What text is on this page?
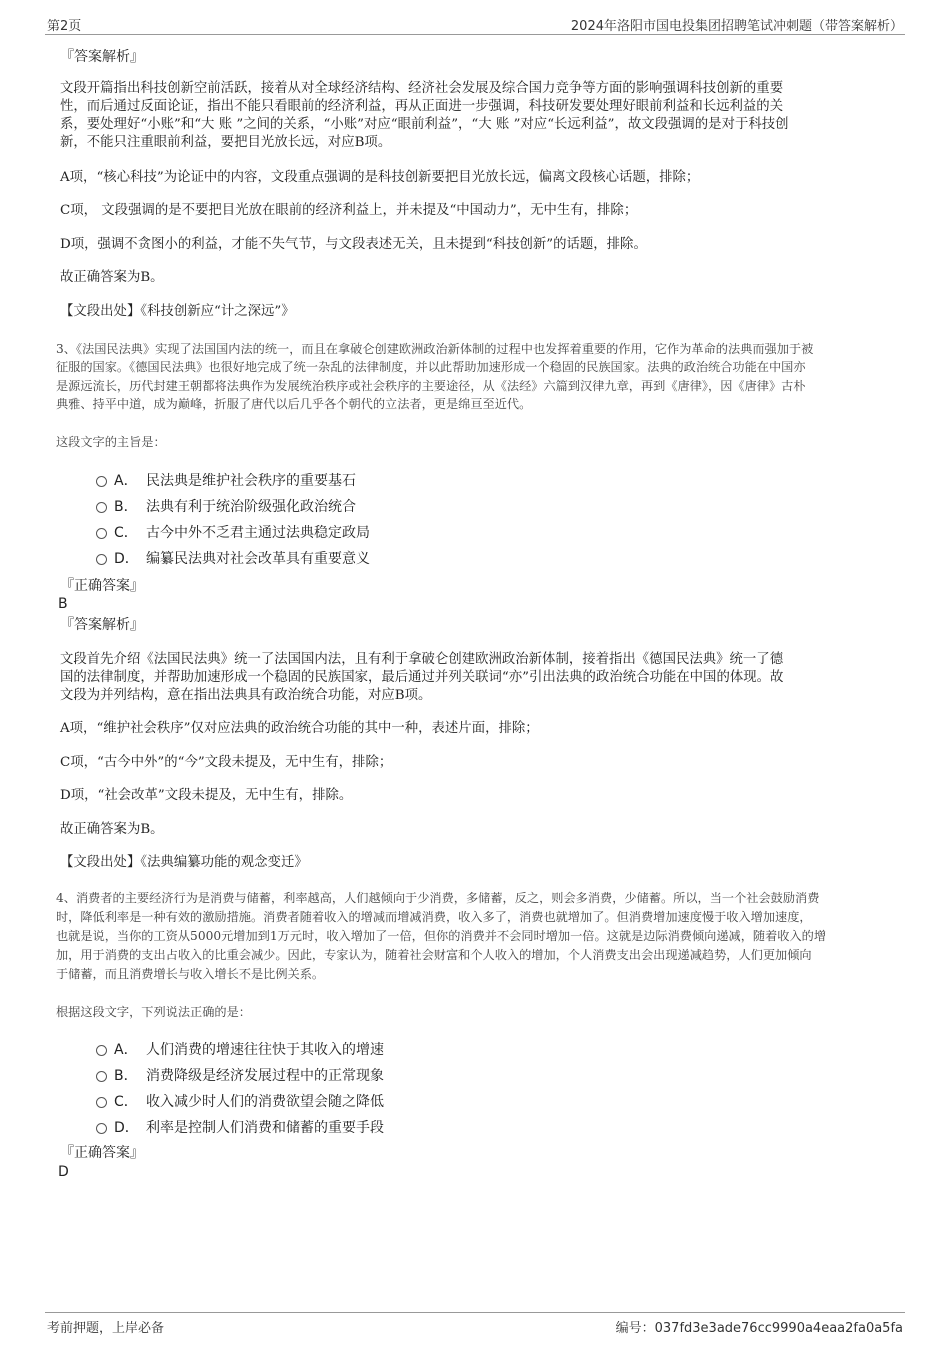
第2页	2024年洛阳市国电投集团招聘笔试冲刺题（带答案解析）
『答案解析』
文段开篇指出科技创新空前活跃，接着从对全球经济结构、经济社会发展及综合国力竞争等方面的影响强调科技创新的重要
性，而后通过反面论证，指出不能只看眼前的经济利益，再从正面进一步强调，科技研发要处理好眼前利益和长远利益的关
系，要处理好“小账”和“大 账 ”之间的关系，“小账”对应“眼前利益”，“大 账 ”对应“长远利益”，故文段强调的是对于科技创
新，不能只注重眼前利益，要把目光放长远，对应B项。
A项，“核心科技”为论证中的内容，文段重点强调的是科技创新要把目光放长远，偏离文段核心话题，排除；
C项， 文段强调的是不要把目光放在眼前的经济利益上，并未提及“中国动力”，无中生有，排除；
D项，强调不贪图小的利益，才能不失气节，与文段表述无关，且未提到“科技创新”的话题，排除。
故正确答案为B。
【文段出处】《科技创新应“计之深远”》
3、《法国民法典》实现了法国国内法的统一，而且在拿破仑创建欧洲政治新体制的过程中也发挥着重要的作用，它作为革命的法典而强加于被
征服的国家。《德国民法典》也很好地完成了统一杂乱的法律制度，并以此帮助加速形成一个稳固的民族国家。法典的政治统合功能在中国亦
是源远流长，历代封建王朝都将法典作为发展统治秩序或社会秩序的主要途径，从《法经》六篇到汉律九章，再到《唐律》，因《唐律》古朴
典雅、持平中道，成为巅峰，折服了唐代以后几乎各个朝代的立法者，更是绵亘至近代。
这段文字的主旨是：
A． 民法典是维护社会秩序的重要基石
B． 法典有利于统治阶级强化政治统合
C． 古今中外不乏君主通过法典稳定政局
D． 编纂民法典对社会改革具有重要意义
『正确答案』
B
『答案解析』
文段首先介绍《法国民法典》统一了法国国内法，且有利于拿破仑创建欧洲政治新体制，接着指出《德国民法典》统一了德
国的法律制度，并帮助加速形成一个稳固的民族国家，最后通过并列关联词“亦”引出法典的政治统合功能在中国的体现。故
文段为并列结构，意在指出法典具有政治统合功能，对应B项。
A项，“维护社会秩序”仅对应法典的政治统合功能的其中一种，表述片面，排除；
C项，“古今中外”的“今”文段未提及，无中生有，排除；
D项，“社会改革”文段未提及，无中生有，排除。
故正确答案为B。
【文段出处】《法典编纂功能的观念变迁》
4、消费者的主要经济行为是消费与储蓄，利率越高，人们越倾向于少消费，多储蓄，反之，则会多消费，少储蓄。所以，当一个社会鼓励消费
时，降低利率是一种有效的激励措施。消费者随着收入的增减而增减消费，收入多了，消费也就增加了。但消费增加速度慢于收入增加速度，
也就是说，当你的工资从5000元增加到1万元时，收入增加了一倍，但你的消费并不会同时增加一倍。这就是边际消费倾向递减，随着收入的增
加，用于消费的支出占收入的比重会减少。因此，专家认为，随着社会财富和个人收入的增加，个人消费支出会出现递减趋势，人们更加倾向
于储蓄，而且消费增长与收入增长不是比例关系。
根据这段文字，下列说法正确的是：
A． 人们消费的增速往往快于其收入的增速
B． 消费降级是经济发展过程中的正常现象
C． 收入减少时人们的消费欲望会随之降低
D． 利率是控制人们消费和储蓄的重要手段
『正确答案』
D
考前押题，上岸必备	编号：037fd3e3ade76cc9990a4eaa2fa0a5fa
